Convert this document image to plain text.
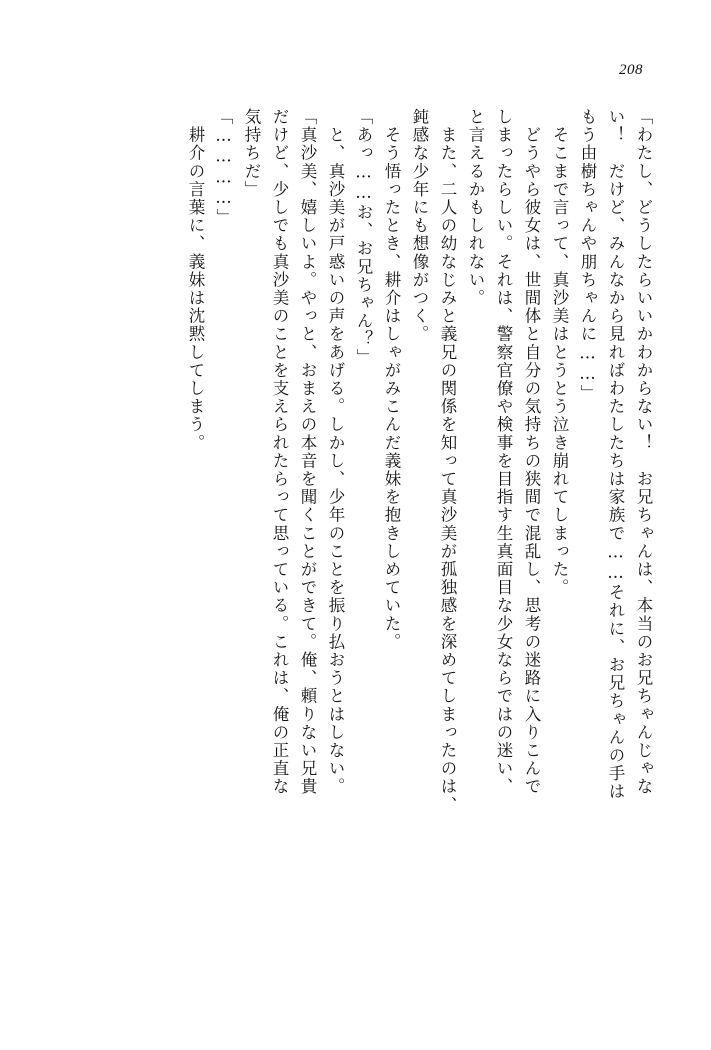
208
「わたし、どうしたらいいかわからない！　お兄ちゃんは、本当のお兄ちゃんじゃな
い！　だけど、みんなから見ればわたしたちは家族で……それに、お兄ちゃんの手は
もう由樹ちゃんや朋ちゃんに……」
　そこまで言って、真沙美はとうとう泣き崩れてしまった。
　どうやら彼女は、世間体と自分の気持ちの狭間で混乱し、思考の迷路に入りこんで
しまったらしい。それは、警察官僚や検事を目指す生真面目な少女ならではの迷い、
と言えるかもしれない。
　また、二人の幼なじみと義兄の関係を知って真沙美が孤独感を深めてしまったのは、
鈍感な少年にも想像がつく。
　そう悟ったとき、耕介はしゃがみこんだ義妹を抱きしめていた。
「あっ……お、お兄ちゃん？」
　と、真沙美が戸惑いの声をあげる。しかし、少年のことを振り払おうとはしない。
「真沙美、嬉しいよ。やっと、おまえの本音を聞くことができて。俺、頼りない兄貴
だけど、少しでも真沙美のことを支えられたらって思っている。これは、俺の正直な
気持ちだ」
「…………」
　耕介の言葉に、義妹は沈黙してしまう。
